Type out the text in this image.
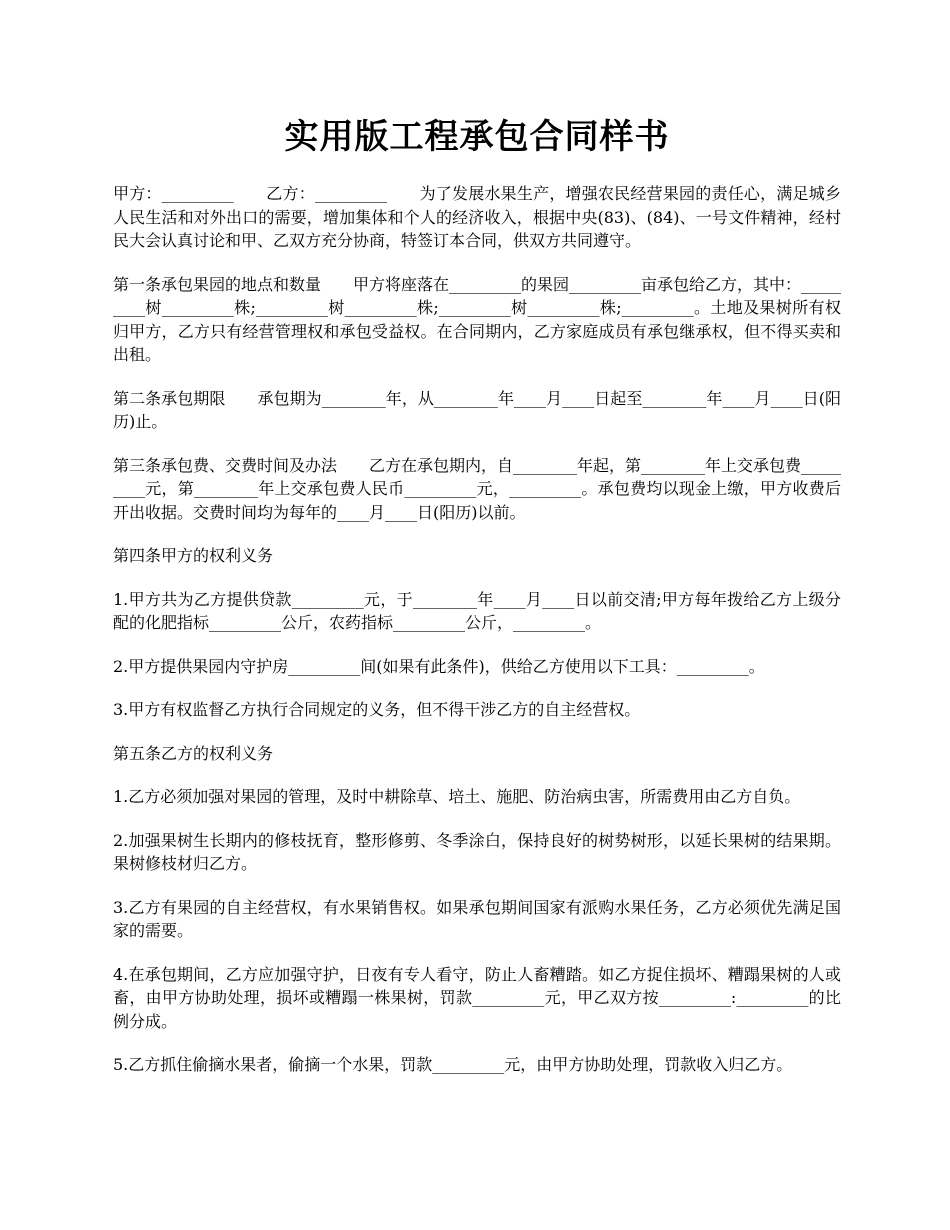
实用版工程承包合同样书

甲方：_________　　乙方：_________　　为了发展水果生产，增强农民经营果园的责任心，满足城乡人民生活和对外出口的需要，增加集体和个人的经济收入，根据中央(83)、(84)、一号文件精神，经村民大会认真讨论和甲、乙双方充分协商，特签订本合同，供双方共同遵守。

第一条承包果园的地点和数量　　甲方将座落在_________的果园_________亩承包给乙方，其中：_________树_________株;_________树_________株;_________树_________株;_________。土地及果树所有权归甲方，乙方只有经营管理权和承包受益权。在合同期内，乙方家庭成员有承包继承权，但不得买卖和出租。

第二条承包期限　　承包期为________年，从________年____月____日起至________年____月____日(阳历)止。

第三条承包费、交费时间及办法　　乙方在承包期内，自________年起，第________年上交承包费_________元，第________年上交承包费人民币_________元，_________。承包费均以现金上缴，甲方收费后开出收据。交费时间均为每年的____月____日(阳历)以前。

第四条甲方的权利义务

1.甲方共为乙方提供贷款_________元，于________年____月____日以前交清;甲方每年拨给乙方上级分配的化肥指标_________公斤，农药指标_________公斤，_________。

2.甲方提供果园内守护房_________间(如果有此条件)，供给乙方使用以下工具：_________。

3.甲方有权监督乙方执行合同规定的义务，但不得干涉乙方的自主经营权。

第五条乙方的权利义务

1.乙方必须加强对果园的管理，及时中耕除草、培土、施肥、防治病虫害，所需费用由乙方自负。

2.加强果树生长期内的修枝抚育，整形修剪、冬季涂白，保持良好的树势树形，以延长果树的结果期。果树修枝材归乙方。

3.乙方有果园的自主经营权，有水果销售权。如果承包期间国家有派购水果任务，乙方必须优先满足国家的需要。

4.在承包期间，乙方应加强守护，日夜有专人看守，防止人畜糟踏。如乙方捉住损坏、糟蹋果树的人或畜，由甲方协助处理，损坏或糟蹋一株果树，罚款_________元，甲乙双方按_________:_________的比例分成。

5.乙方抓住偷摘水果者，偷摘一个水果，罚款_________元，由甲方协助处理，罚款收入归乙方。
